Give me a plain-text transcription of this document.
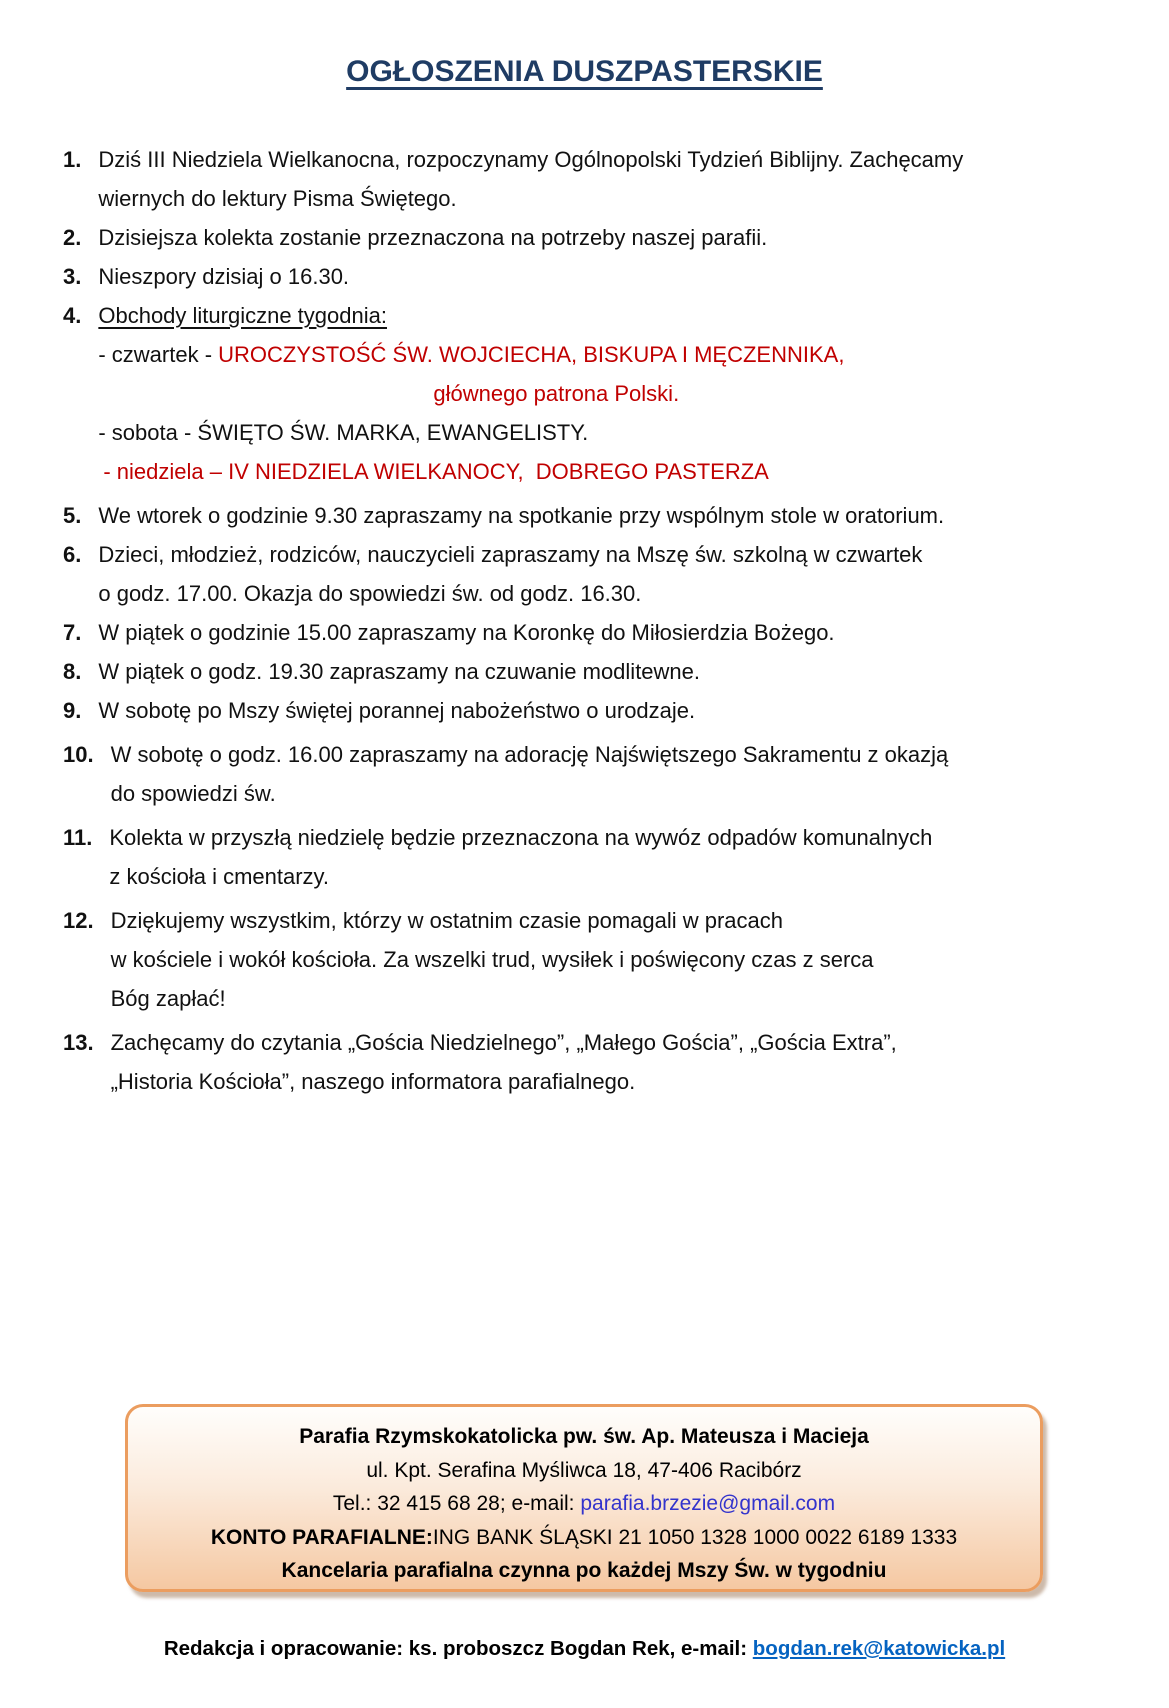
OGŁOSZENIA DUSZPASTERSKIE
1. Dziś III Niedziela Wielkanocna, rozpoczynamy Ogólnopolski Tydzień Biblijny. Zachęcamy
wiernych do lektury Pisma Świętego.
2. Dzisiejsza kolekta zostanie przeznaczona na potrzeby naszej parafii.
3. Nieszpory dzisiaj o 16.30.
4. Obchody liturgiczne tygodnia:
- czwartek - UROCZYSTOŚĆ ŚW. WOJCIECHA, BISKUPA I MĘCZENNIKA,
głównego patrona Polski.
- sobota - ŚWIĘTO ŚW. MARKA, EWANGELISTY.
- niedziela – IV NIEDZIELA WIELKANOCY,  DOBREGO PASTERZA
5. We wtorek o godzinie 9.30 zapraszamy na spotkanie przy wspólnym stole w oratorium.
6. Dzieci, młodzież, rodziców, nauczycieli zapraszamy na Mszę św. szkolną w czwartek
o godz. 17.00. Okazja do spowiedzi św. od godz. 16.30.
7. W piątek o godzinie 15.00 zapraszamy na Koronkę do Miłosierdzia Bożego.
8. W piątek o godz. 19.30 zapraszamy na czuwanie modlitewne.
9. W sobotę po Mszy świętej porannej nabożeństwo o urodzaje.
10. W sobotę o godz. 16.00 zapraszamy na adorację Najświętszego Sakramentu z okazją
do spowiedzi św.
11. Kolekta w przyszłą niedzielę będzie przeznaczona na wywóz odpadów komunalnych
z kościoła i cmentarzy.
12. Dziękujemy wszystkim, którzy w ostatnim czasie pomagali w pracach
w kościele i wokół kościoła. Za wszelki trud, wysiłek i poświęcony czas z serca
Bóg zapłać!
13. Zachęcamy do czytania „Gościa Niedzielnego”, „Małego Gościa”, „Gościa Extra”,
„Historia Kościoła”, naszego informatora parafialnego.
Parafia Rzymskokatolicka pw. św. Ap. Mateusza i Macieja
ul. Kpt. Serafina Myśliwca 18, 47-406 Racibórz
Tel.: 32 415 68 28; e-mail: parafia.brzezie@gmail.com
KONTO PARAFIALNE:ING BANK ŚLĄSKI 21 1050 1328 1000 0022 6189 1333
Kancelaria parafialna czynna po każdej Mszy Św. w tygodniu
Redakcja i opracowanie: ks. proboszcz Bogdan Rek, e-mail: bogdan.rek@katowicka.pl
